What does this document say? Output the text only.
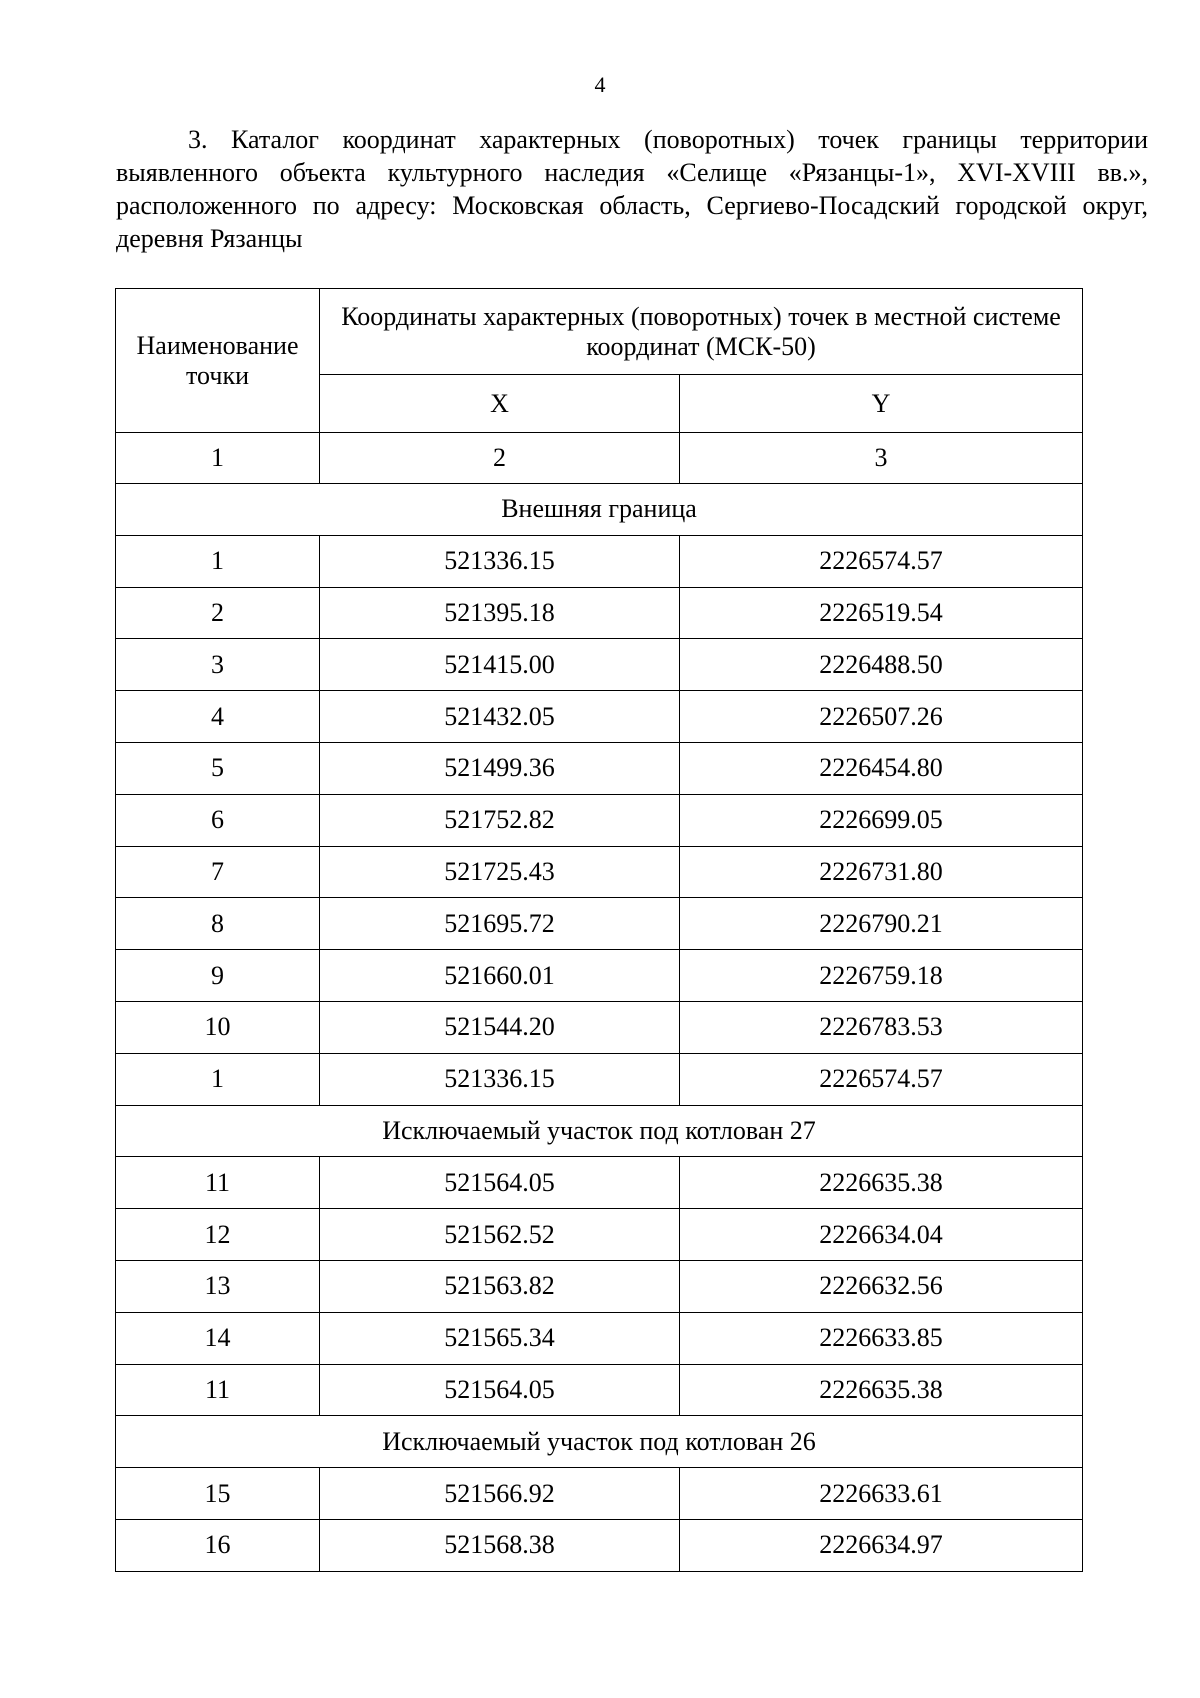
4

3. Каталог координат характерных (поворотных) точек границы территории выявленного объекта культурного наследия «Селище «Рязанцы-1», XVI-XVIII вв.», расположенного по адресу: Московская область, Сергиево-Посадский городской округ, деревня Рязанцы

Наименование точки	Координаты характерных (поворотных) точек в местной системе координат (МСК-50)	
	X	Y
1	2	3
Внешняя граница		
1	521336.15	2226574.57
2	521395.18	2226519.54
3	521415.00	2226488.50
4	521432.05	2226507.26
5	521499.36	2226454.80
6	521752.82	2226699.05
7	521725.43	2226731.80
8	521695.72	2226790.21
9	521660.01	2226759.18
10	521544.20	2226783.53
1	521336.15	2226574.57
Исключаемый участок под котлован 27		
11	521564.05	2226635.38
12	521562.52	2226634.04
13	521563.82	2226632.56
14	521565.34	2226633.85
11	521564.05	2226635.38
Исключаемый участок под котлован 26		
15	521566.92	2226633.61
16	521568.38	2226634.97
